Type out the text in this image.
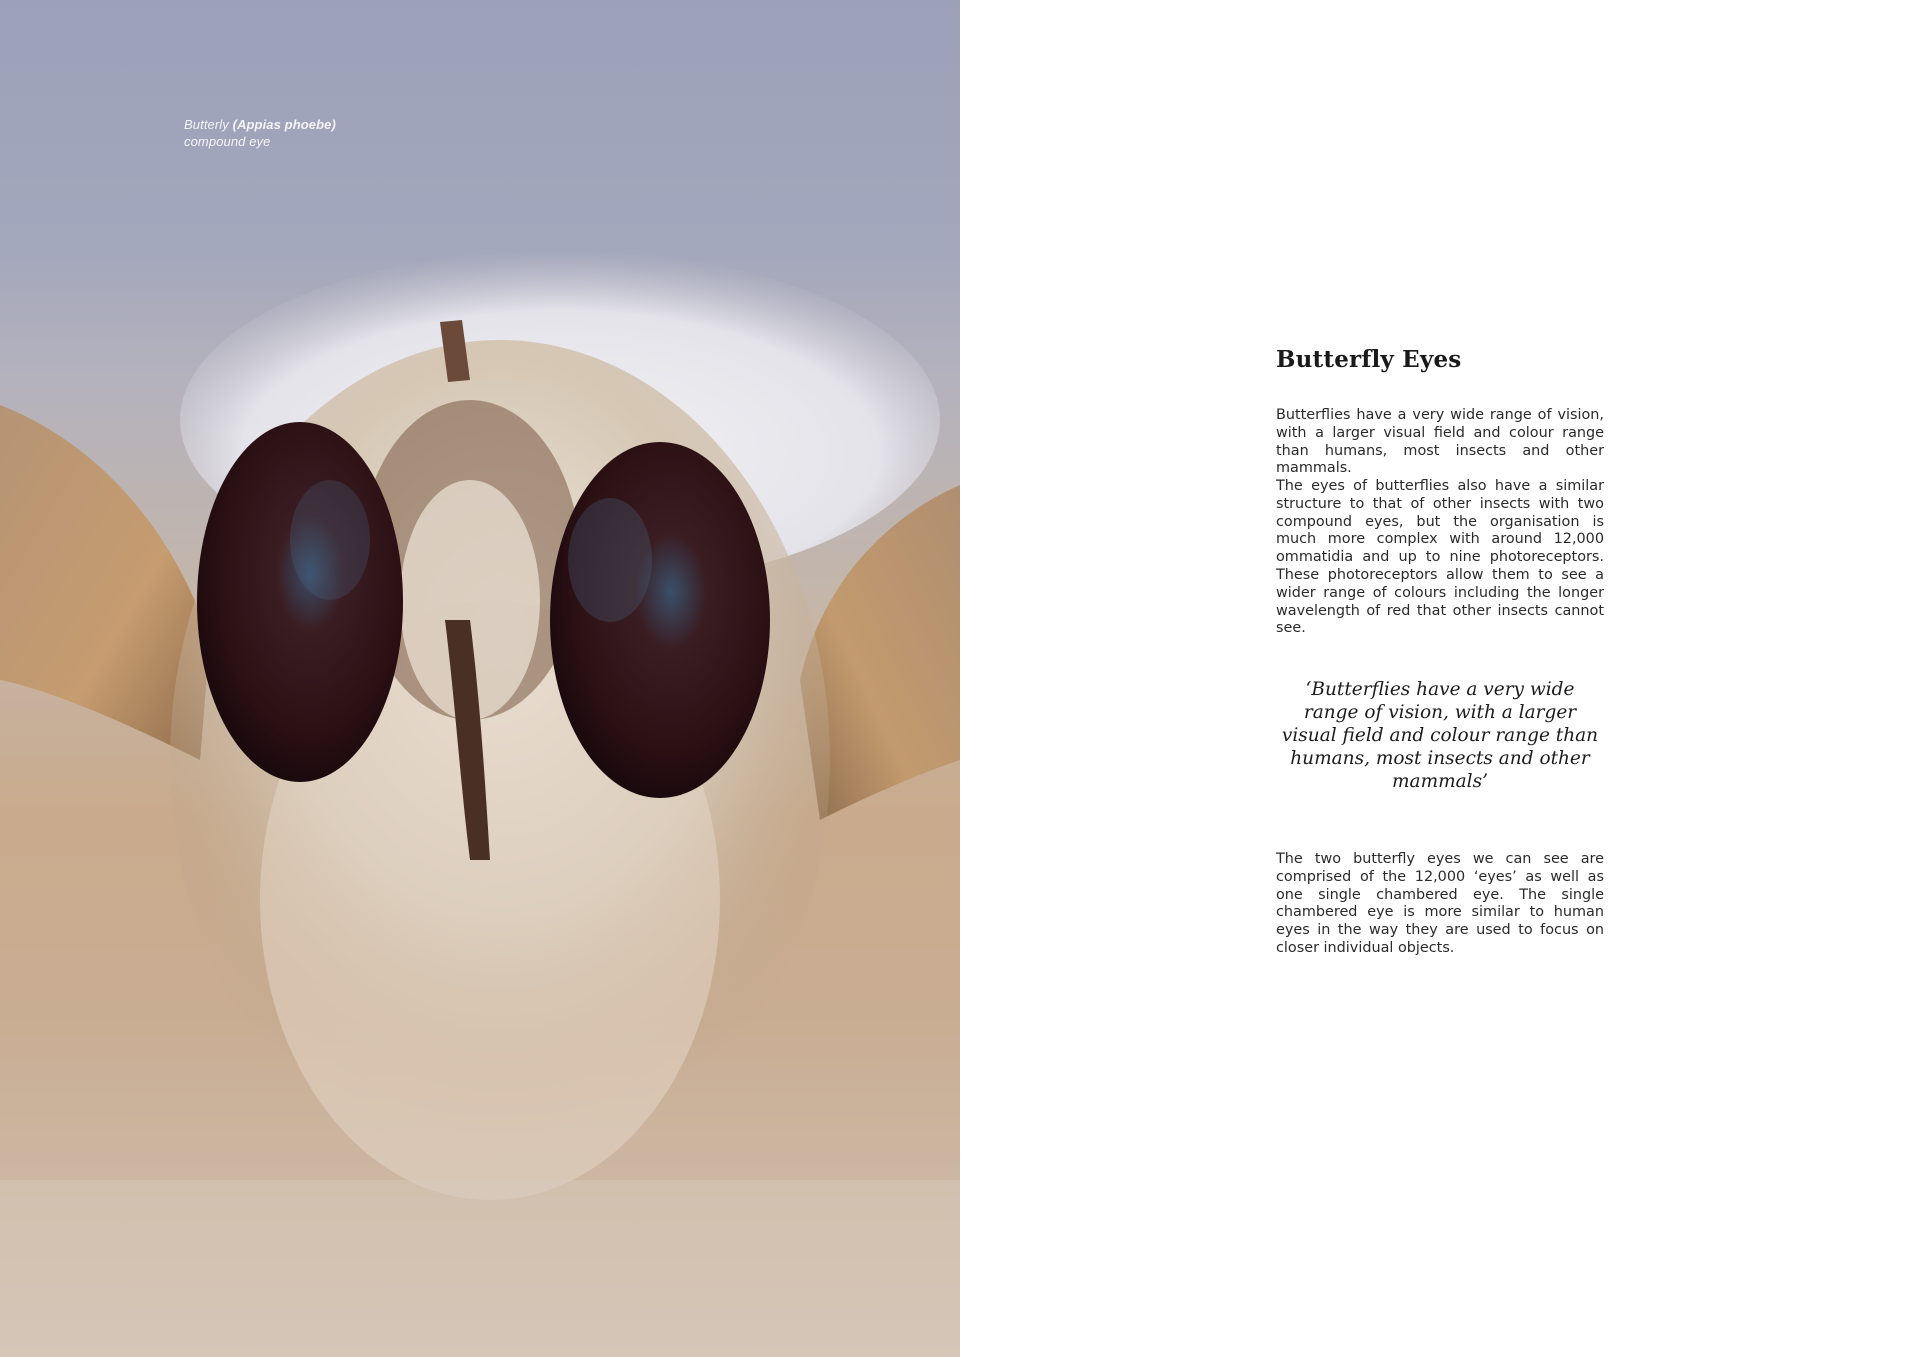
Butterly (Appias phoebe)
compound eye
Butterfly Eyes

Butterflies have a very wide range of vision, with a larger visual field and colour range than humans, most insects and other mammals.

The eyes of butterflies also have a similar structure to that of other insects with two compound eyes, but the organisation is much more complex with around 12,000 ommatidia and up to nine photoreceptors. These photoreceptors allow them to see a wider range of colours including the longer wavelength of red that other insects cannot see.

‘Butterflies have a very wide range of vision, with a larger visual field and colour range than humans, most insects and other mammals’

The two butterfly eyes we can see are comprised of the 12,000 ‘eyes’ as well as one single chambered eye. The single chambered eye is more similar to human eyes in the way they are used to focus on closer individual objects.
